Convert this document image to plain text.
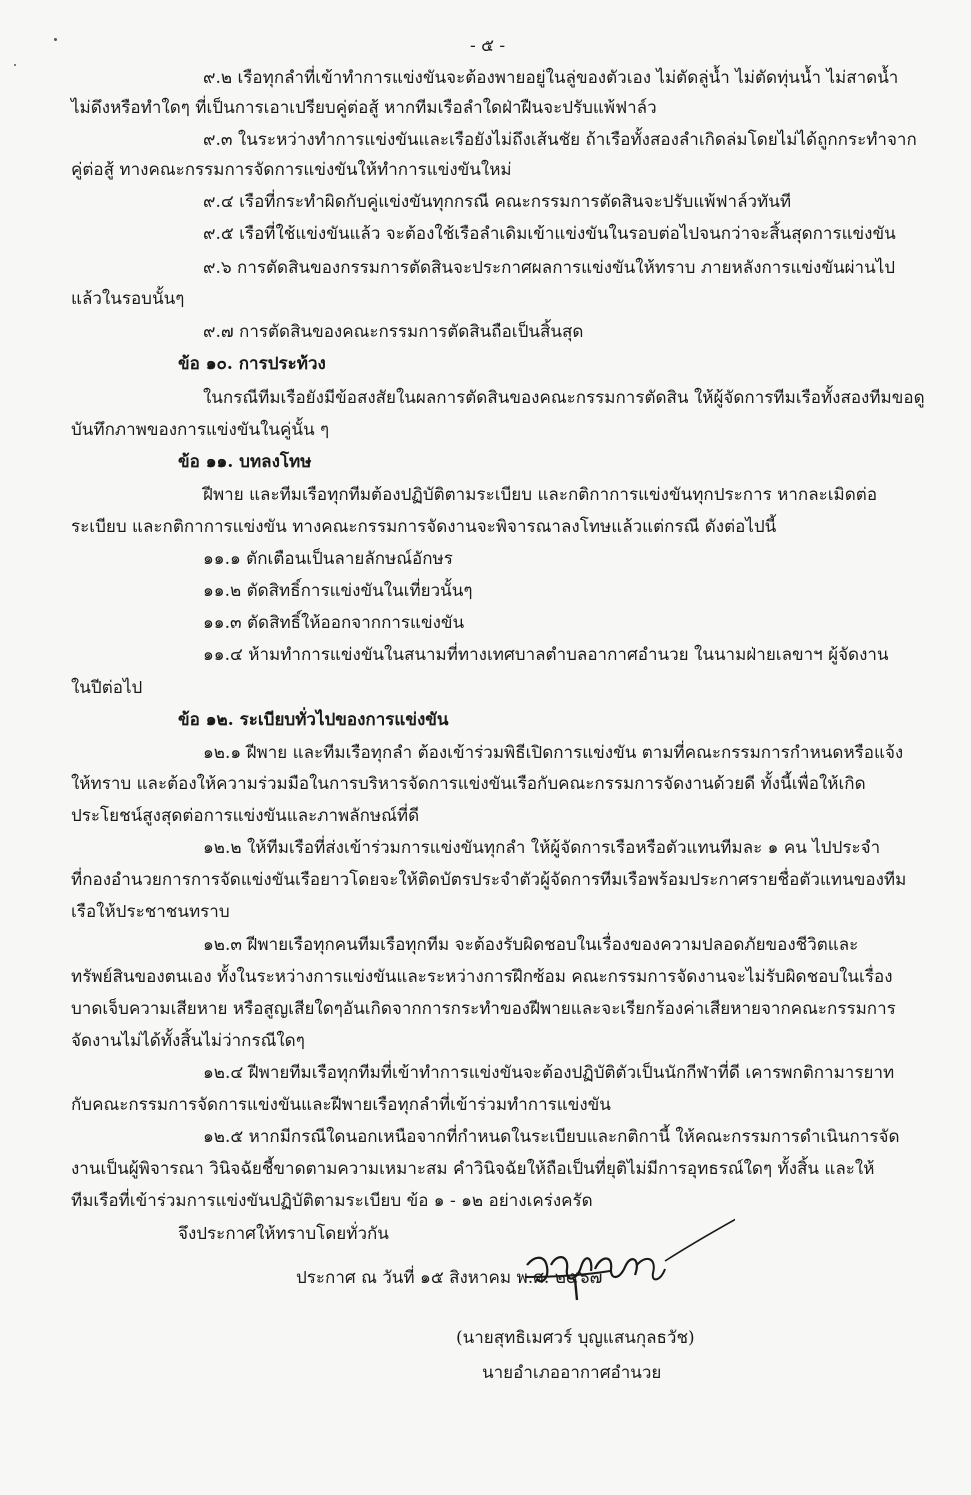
- ๕ -
๙.๒ เรือทุกลำที่เข้าทำการแข่งขันจะต้องพายอยู่ในลู่ของตัวเอง ไม่ตัดลู่น้ำ ไม่ตัดทุ่นน้ำ ไม่สาดน้ำ
ไม่ดึงหรือทำใดๆ ที่เป็นการเอาเปรียบคู่ต่อสู้ หากทีมเรือลำใดฝ่าฝืนจะปรับแพ้ฟาล์ว
๙.๓ ในระหว่างทำการแข่งขันและเรือยังไม่ถึงเส้นชัย ถ้าเรือทั้งสองลำเกิดล่มโดยไม่ได้ถูกกระทำจาก
คู่ต่อสู้ ทางคณะกรรมการจัดการแข่งขันให้ทำการแข่งขันใหม่
๙.๔ เรือที่กระทำผิดกับคู่แข่งขันทุกกรณี คณะกรรมการตัดสินจะปรับแพ้ฟาล์วทันที
๙.๕ เรือที่ใช้แข่งขันแล้ว จะต้องใช้เรือลำเดิมเข้าแข่งขันในรอบต่อไปจนกว่าจะสิ้นสุดการแข่งขัน
๙.๖ การตัดสินของกรรมการตัดสินจะประกาศผลการแข่งขันให้ทราบ ภายหลังการแข่งขันผ่านไป
แล้วในรอบนั้นๆ
๙.๗ การตัดสินของคณะกรรมการตัดสินถือเป็นสิ้นสุด
ข้อ ๑๐. การประท้วง
ในกรณีทีมเรือยังมีข้อสงสัยในผลการตัดสินของคณะกรรมการตัดสิน ให้ผู้จัดการทีมเรือทั้งสองทีมขอดู
บันทึกภาพของการแข่งขันในคู่นั้น ๆ
ข้อ ๑๑. บทลงโทษ
ฝีพาย และทีมเรือทุกทีมต้องปฏิบัติตามระเบียบ และกติกาการแข่งขันทุกประการ หากละเมิดต่อ
ระเบียบ และกติกาการแข่งขัน ทางคณะกรรมการจัดงานจะพิจารณาลงโทษแล้วแต่กรณี ดังต่อไปนี้
๑๑.๑ ตักเตือนเป็นลายลักษณ์อักษร
๑๑.๒ ตัดสิทธิ์การแข่งขันในเที่ยวนั้นๆ
๑๑.๓ ตัดสิทธิ์ให้ออกจากการแข่งขัน
๑๑.๔ ห้ามทำการแข่งขันในสนามที่ทางเทศบาลตำบลอากาศอำนวย ในนามฝ่ายเลขาฯ ผู้จัดงาน
ในปีต่อไป
ข้อ ๑๒. ระเบียบทั่วไปของการแข่งขัน
๑๒.๑ ฝีพาย และทีมเรือทุกลำ ต้องเข้าร่วมพิธีเปิดการแข่งขัน ตามที่คณะกรรมการกำหนดหรือแจ้ง
ให้ทราบ และต้องให้ความร่วมมือในการบริหารจัดการแข่งขันเรือกับคณะกรรมการจัดงานด้วยดี ทั้งนี้เพื่อให้เกิด
ประโยชน์สูงสุดต่อการแข่งขันและภาพลักษณ์ที่ดี
๑๒.๒ ให้ทีมเรือที่ส่งเข้าร่วมการแข่งขันทุกลำ ให้ผู้จัดการเรือหรือตัวแทนทีมละ ๑ คน ไปประจำ
ที่กองอำนวยการการจัดแข่งขันเรือยาวโดยจะให้ติดบัตรประจำตัวผู้จัดการทีมเรือพร้อมประกาศรายชื่อตัวแทนของทีม
เรือให้ประชาชนทราบ
๑๒.๓ ฝีพายเรือทุกคนทีมเรือทุกทีม จะต้องรับผิดชอบในเรื่องของความปลอดภัยของชีวิตและ
ทรัพย์สินของตนเอง ทั้งในระหว่างการแข่งขันและระหว่างการฝึกซ้อม คณะกรรมการจัดงานจะไม่รับผิดชอบในเรื่อง
บาดเจ็บความเสียหาย หรือสูญเสียใดๆอันเกิดจากการกระทำของฝีพายและจะเรียกร้องค่าเสียหายจากคณะกรรมการ
จัดงานไม่ได้ทั้งสิ้นไม่ว่ากรณีใดๆ
๑๒.๔ ฝีพายทีมเรือทุกทีมที่เข้าทำการแข่งขันจะต้องปฏิบัติตัวเป็นนักกีฬาที่ดี เคารพกติกามารยาท
กับคณะกรรมการจัดการแข่งขันและฝีพายเรือทุกลำที่เข้าร่วมทำการแข่งขัน
๑๒.๕ หากมีกรณีใดนอกเหนือจากที่กำหนดในระเบียบและกติกานี้ ให้คณะกรรมการดำเนินการจัด
งานเป็นผู้พิจารณา วินิจฉัยชี้ขาดตามความเหมาะสม คำวินิจฉัยให้ถือเป็นที่ยุติไม่มีการอุทธรณ์ใดๆ ทั้งสิ้น และให้
ทีมเรือที่เข้าร่วมการแข่งขันปฏิบัติตามระเบียบ ข้อ ๑ - ๑๒ อย่างเคร่งครัด
จึงประกาศให้ทราบโดยทั่วกัน
ประกาศ ณ วันที่ ๑๕ สิงหาคม พ.ศ. ๒๕๖๗
(นายสุทธิเมศวร์ บุญแสนกุลธวัช)
นายอำเภออากาศอำนวย
